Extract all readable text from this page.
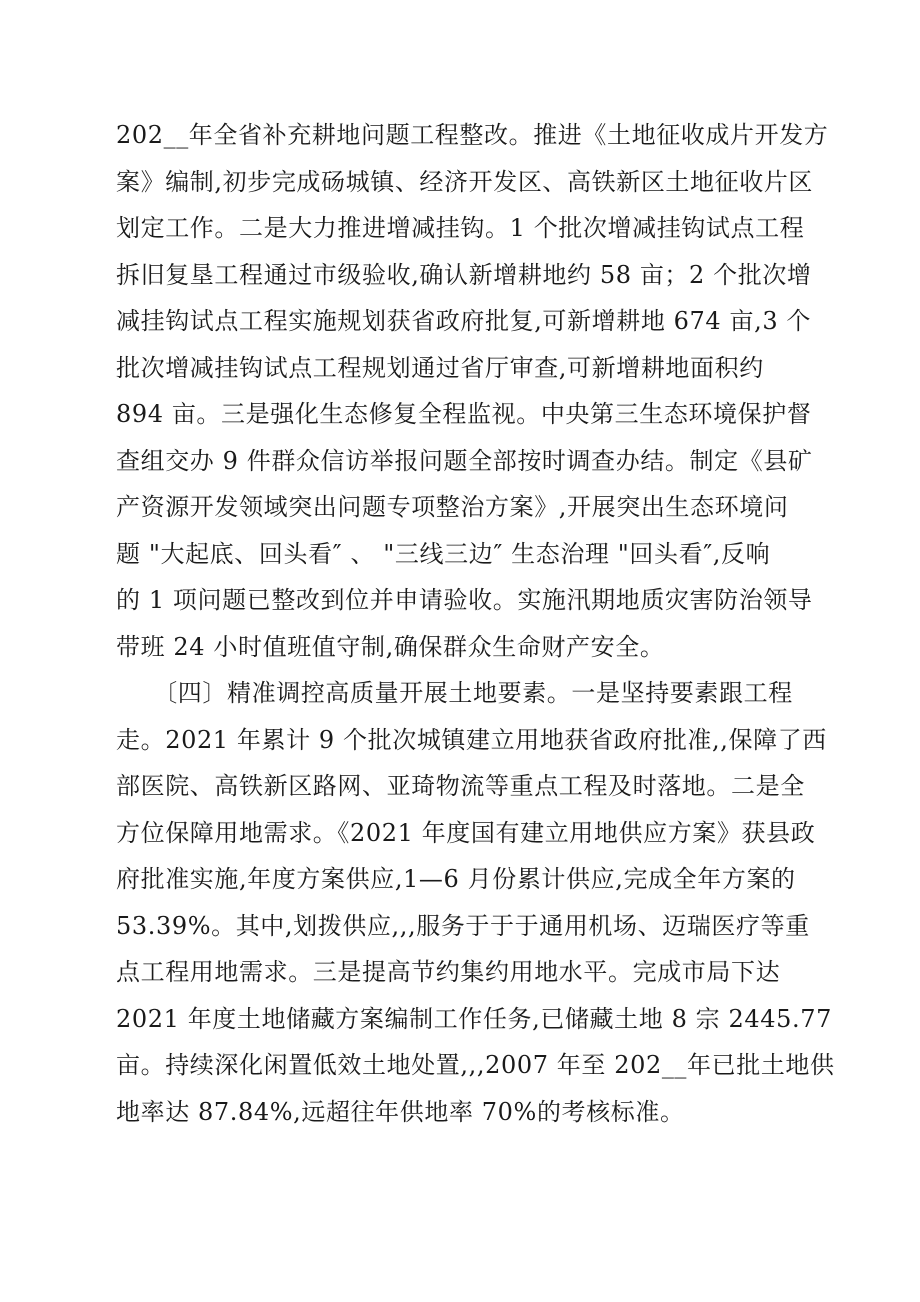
202__年全省补充耕地问题工程整改。推进《土地征收成片开发方
案》编制,初步完成砀城镇、经济开发区、高铁新区土地征收片区
划定工作。二是大力推进增减挂钩。1 个批次增减挂钩试点工程
拆旧复垦工程通过市级验收,确认新增耕地约 58 亩；2 个批次增
减挂钩试点工程实施规划获省政府批复,可新增耕地 674 亩,3 个
批次增减挂钩试点工程规划通过省厅审查,可新增耕地面积约
894 亩。三是强化生态修复全程监视。中央第三生态环境保护督
查组交办 9 件群众信访举报问题全部按时调查办结。制定《县矿
产资源开发领域突出问题专项整治方案》,开展突出生态环境问
题 "大起底、回头看″ 、 "三线三边″ 生态治理 "回头看″,反响
的 1 项问题已整改到位并申请验收。实施汛期地质灾害防治领导
带班 24 小时值班值守制,确保群众生命财产安全。
　　〔四〕精准调控高质量开展土地要素。一是坚持要素跟工程
走。2021 年累计 9 个批次城镇建立用地获省政府批准,,保障了西
部医院、高铁新区路网、亚琦物流等重点工程及时落地。二是全
方位保障用地需求。《2021 年度国有建立用地供应方案》获县政
府批准实施,年度方案供应,1—6 月份累计供应,完成全年方案的
53.39%。其中,划拨供应,,,服务于于于通用机场、迈瑞医疗等重
点工程用地需求。三是提高节约集约用地水平。完成市局下达
2021 年度土地储藏方案编制工作任务,已储藏土地 8 宗 2445.77
亩。持续深化闲置低效土地处置,,,2007 年至 202__年已批土地供
地率达 87.84%,远超往年供地率 70%的考核标准。
